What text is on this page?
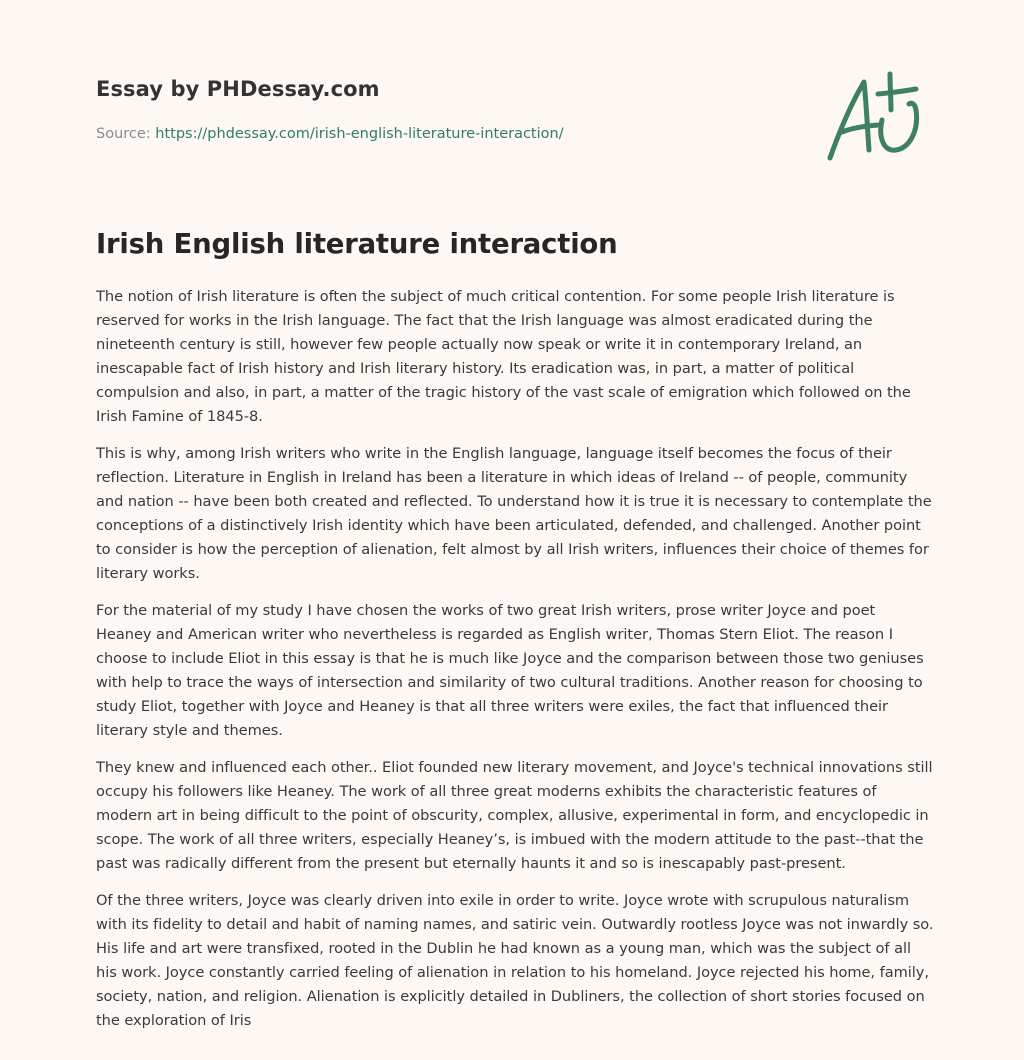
Essay by PHDessay.com
Source: https://phdessay.com/irish-english-literature-interaction/
Irish English literature interaction

The notion of Irish literature is often the subject of much critical contention. For some people Irish literature is reserved for works in the Irish language. The fact that the Irish language was almost eradicated during the nineteenth century is still, however few people actually now speak or write it in contemporary Ireland, an inescapable fact of Irish history and Irish literary history. Its eradication was, in part, a matter of political compulsion and also, in part, a matter of the tragic history of the vast scale of emigration which followed on the Irish Famine of 1845-8.

This is why, among Irish writers who write in the English language, language itself becomes the focus of their reflection. Literature in English in Ireland has been a literature in which ideas of Ireland -- of people, community and nation -- have been both created and reflected. To understand how it is true it is necessary to contemplate the conceptions of a distinctively Irish identity which have been articulated, defended, and challenged. Another point to consider is how the perception of alienation, felt almost by all Irish writers, influences their choice of themes for literary works.

For the material of my study I have chosen the works of two great Irish writers, prose writer Joyce and poet Heaney and American writer who nevertheless is regarded as English writer, Thomas Stern Eliot. The reason I choose to include Eliot in this essay is that he is much like Joyce and the comparison between those two geniuses with help to trace the ways of intersection and similarity of two cultural traditions. Another reason for choosing to study Eliot, together with Joyce and Heaney is that all three writers were exiles, the fact that influenced their literary style and themes.

They knew and influenced each other.. Eliot founded new literary movement, and Joyce's technical innovations still occupy his followers like Heaney. The work of all three great moderns exhibits the characteristic features of modern art in being difficult to the point of obscurity, complex, allusive, experimental in form, and encyclopedic in scope. The work of all three writers, especially Heaney’s, is imbued with the modern attitude to the past--that the past was radically different from the present but eternally haunts it and so is inescapably past-present.

Of the three writers, Joyce was clearly driven into exile in order to write. Joyce wrote with scrupulous naturalism with its fidelity to detail and habit of naming names, and satiric vein. Outwardly rootless Joyce was not inwardly so. His life and art were transfixed, rooted in the Dublin he had known as a young man, which was the subject of all his work. Joyce constantly carried feeling of alienation in relation to his homeland. Joyce rejected his home, family, society, nation, and religion. Alienation is explicitly detailed in Dubliners, the collection of short stories focused on the exploration of Iris
